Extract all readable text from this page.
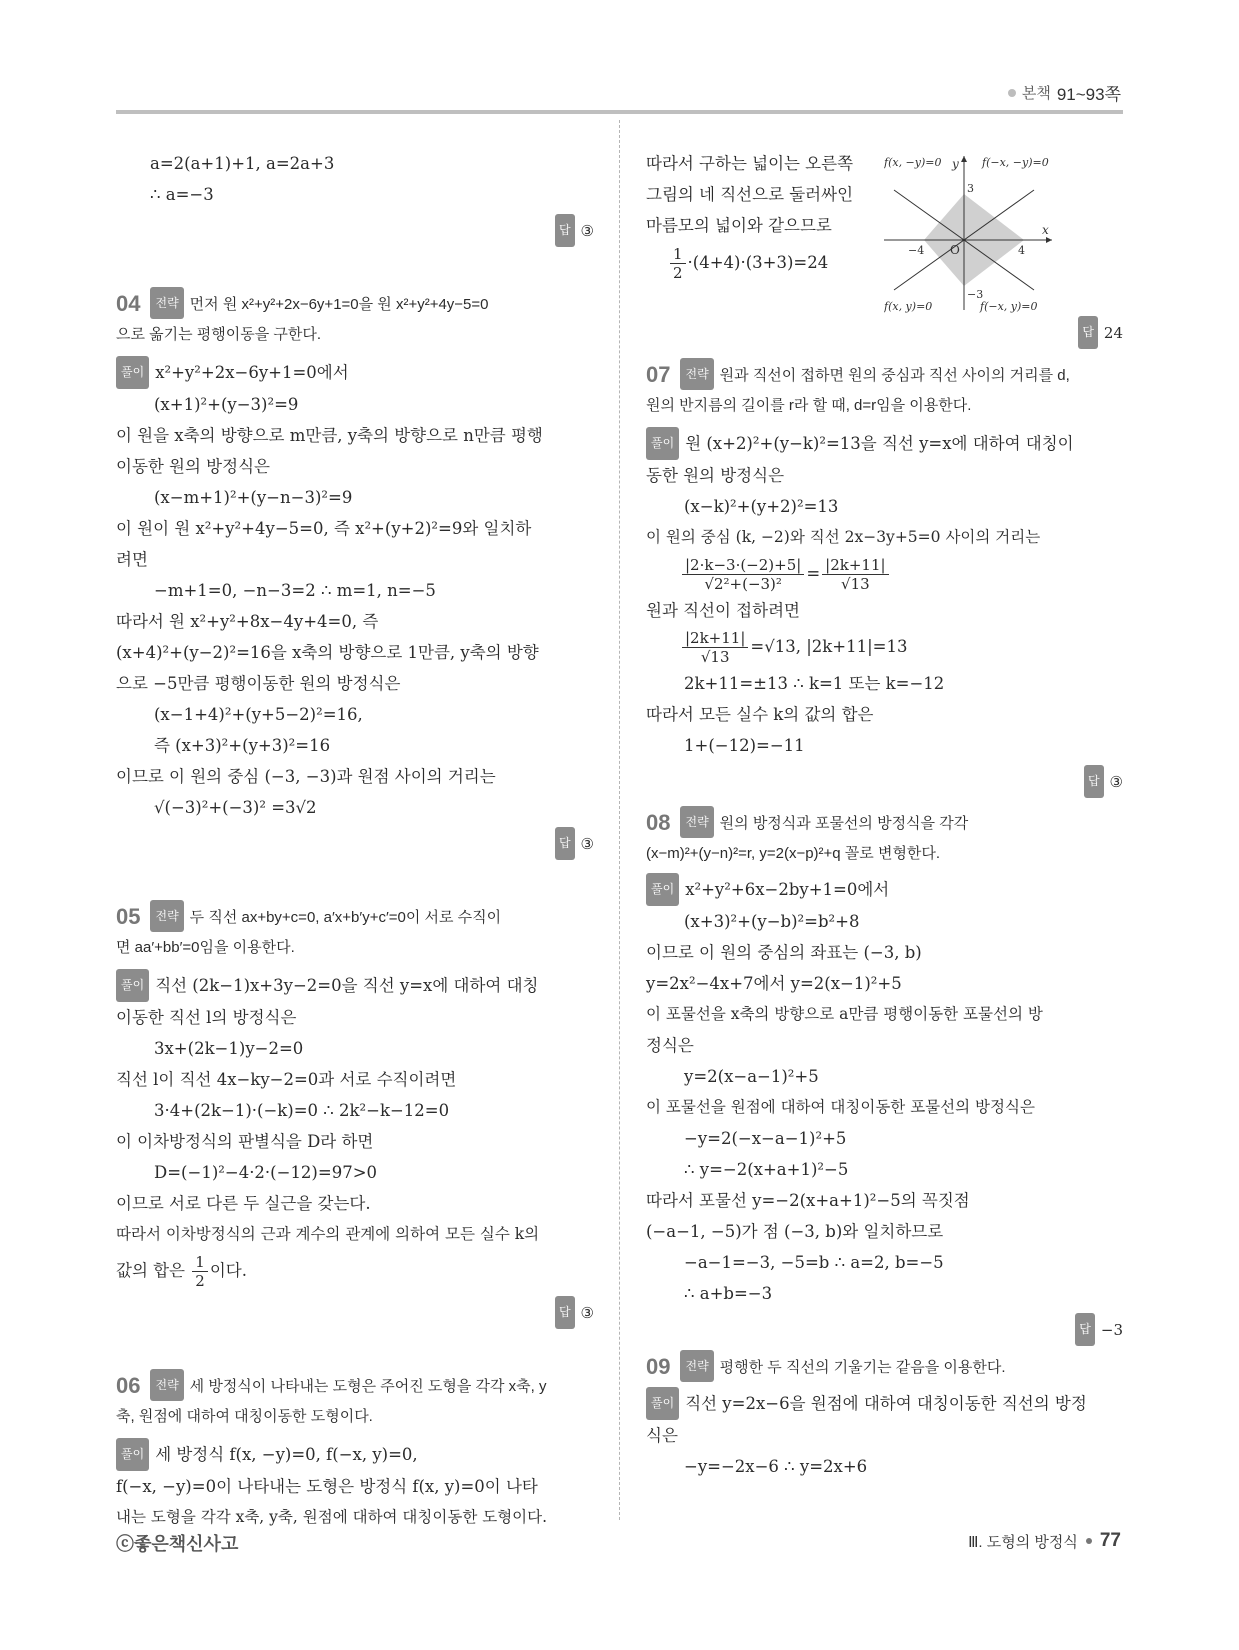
본책 91~93쪽

a=2(a+1)+1, a=2a+3

∴ a=−3

답 ③

04 전략 먼저 원 x²+y²+2x−6y+1=0을 원 x²+y²+4y−5=0

으로 옮기는 평행이동을 구한다.

풀이 x²+y²+2x−6y+1=0에서

(x+1)²+(y−3)²=9

이 원을 x축의 방향으로 m만큼, y축의 방향으로 n만큼 평행

이동한 원의 방정식은

(x−m+1)²+(y−n−3)²=9

이 원이 원 x²+y²+4y−5=0, 즉 x²+(y+2)²=9와 일치하

려면

−m+1=0, −n−3=2 ∴ m=1, n=−5

따라서 원 x²+y²+8x−4y+4=0, 즉

(x+4)²+(y−2)²=16을 x축의 방향으로 1만큼, y축의 방향

으로 −5만큼 평행이동한 원의 방정식은

(x−1+4)²+(y+5−2)²=16,

즉 (x+3)²+(y+3)²=16

이므로 이 원의 중심 (−3, −3)과 원점 사이의 거리는

√(−3)²+(−3)² =3√2

답 ③

05 전략 두 직선 ax+by+c=0, a′x+b′y+c′=0이 서로 수직이

면 aa′+bb′=0임을 이용한다.

풀이 직선 (2k−1)x+3y−2=0을 직선 y=x에 대하여 대칭

이동한 직선 l의 방정식은

3x+(2k−1)y−2=0

직선 l이 직선 4x−ky−2=0과 서로 수직이려면

3·4+(2k−1)·(−k)=0 ∴ 2k²−k−12=0

이 이차방정식의 판별식을 D라 하면

D=(−1)²−4·2·(−12)=97>0

이므로 서로 다른 두 실근을 갖는다.

따라서 이차방정식의 근과 계수의 관계에 의하여 모든 실수 k의

값의 합은 $\frac{1}{2}$ 이다.

답 ③

06 전략 세 방정식이 나타내는 도형은 주어진 도형을 각각 x축, y

축, 원점에 대하여 대칭이동한 도형이다.

풀이 세 방정식 f(x, −y)=0, f(−x, y)=0,

f(−x, −y)=0이 나타내는 도형은 방정식 f(x, y)=0이 나타

내는 도형을 각각 x축, y축, 원점에 대하여 대칭이동한 도형이다.

따라서 구하는 넓이는 오른쪽

그림의 네 직선으로 둘러싸인

마름모의 넓이와 같으므로

$\frac{1}{2} \cdot(4+4)\cdot(3+3)=24$

y
x
O
3
−3
−4	4
f(x, −y)=0	f(−x, −y)=0
f(x, y)=0	f(−x, y)=0

답 24

07 전략 원과 직선이 접하면 원의 중심과 직선 사이의 거리를 d,

원의 반지름의 길이를 r라 할 때, d=r임을 이용한다.

풀이 원 (x+2)²+(y−k)²=13을 직선 y=x에 대하여 대칭이

동한 원의 방정식은

(x−k)²+(y+2)²=13

이 원의 중심 (k, −2)와 직선 2x−3y+5=0 사이의 거리는

$\frac{|2\cdot k-3\cdot(-2)+5|}{\text{√2²+(−3)²}} = \frac{|2k+11|}{√13}$

원과 직선이 접하려면

$\frac{|2k+11|}{√13} =√13$, |2k+11|=13

2k+11=±13 ∴ k=1 또는 k=−12

따라서 모든 실수 k의 값의 합은

1+(−12)=−11

답 ③

08 전략 원의 방정식과 포물선의 방정식을 각각

(x−m)²+(y−n)²=r, y=2(x−p)²+q 꼴로 변형한다.

풀이 x²+y²+6x−2by+1=0에서

(x+3)²+(y−b)²=b²+8

이므로 이 원의 중심의 좌표는 (−3, b)

y=2x²−4x+7에서 y=2(x−1)²+5

이 포물선을 x축의 방향으로 a만큼 평행이동한 포물선의 방

정식은

y=2(x−a−1)²+5

이 포물선을 원점에 대하여 대칭이동한 포물선의 방정식은

−y=2(−x−a−1)²+5

∴ y=−2(x+a+1)²−5

따라서 포물선 y=−2(x+a+1)²−5의 꼭짓점

(−a−1, −5)가 점 (−3, b)와 일치하므로

−a−1=−3, −5=b ∴ a=2, b=−5

∴ a+b=−3

답 −3

09 전략 평행한 두 직선의 기울기는 같음을 이용한다.

풀이 직선 y=2x−6을 원점에 대하여 대칭이동한 직선의 방정

식은

−y=−2x−6 ∴ y=2x+6

ⓒ좋은책신사고	Ⅲ. 도형의 방정식 77
